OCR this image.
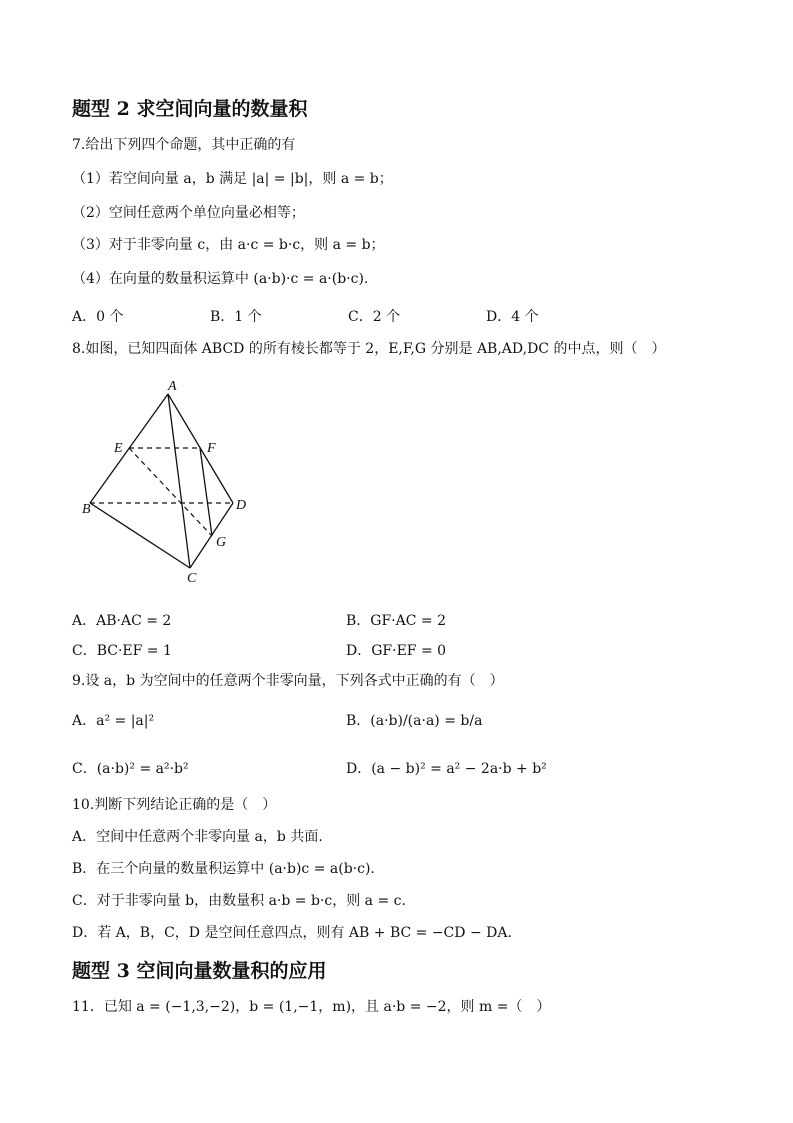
题型 2 求空间向量的数量积
7.给出下列四个命题，其中正确的有
（1）若空间向量 a，b 满足 |a| = |b|，则 a = b；
（2）空间任意两个单位向量必相等；
（3）对于非零向量 c，由 a·c = b·c，则 a = b；
（4）在向量的数量积运算中 (a·b)·c = a·(b·c).
A．0 个	B．1 个	C．2 个	D．4 个
8.如图，已知四面体 ABCD 的所有棱长都等于 2，E,F,G 分别是 AB,AD,DC 的中点，则（　）
A
E	F
B	D
G
C
A．AB·AC = 2	B．GF·AC = 2
C．BC·EF = 1	D．GF·EF = 0
9.设 a，b 为空间中的任意两个非零向量，下列各式中正确的有（　）
A．a² = |a|²	B．(a·b)/(a·a) = b/a
C．(a·b)² = a²·b²	D．(a − b)² = a² − 2a·b + b²
10.判断下列结论正确的是（　）
A．空间中任意两个非零向量 a，b 共面.
B．在三个向量的数量积运算中 (a·b)c = a(b·c).
C．对于非零向量 b，由数量积 a·b = b·c，则 a = c.
D．若 A，B，C，D 是空间任意四点，则有 AB + BC = −CD − DA.
题型 3 空间向量数量积的应用
11．已知 a = (−1,3,−2)，b = (1,−1，m)，且 a·b = −2，则 m =（　）
